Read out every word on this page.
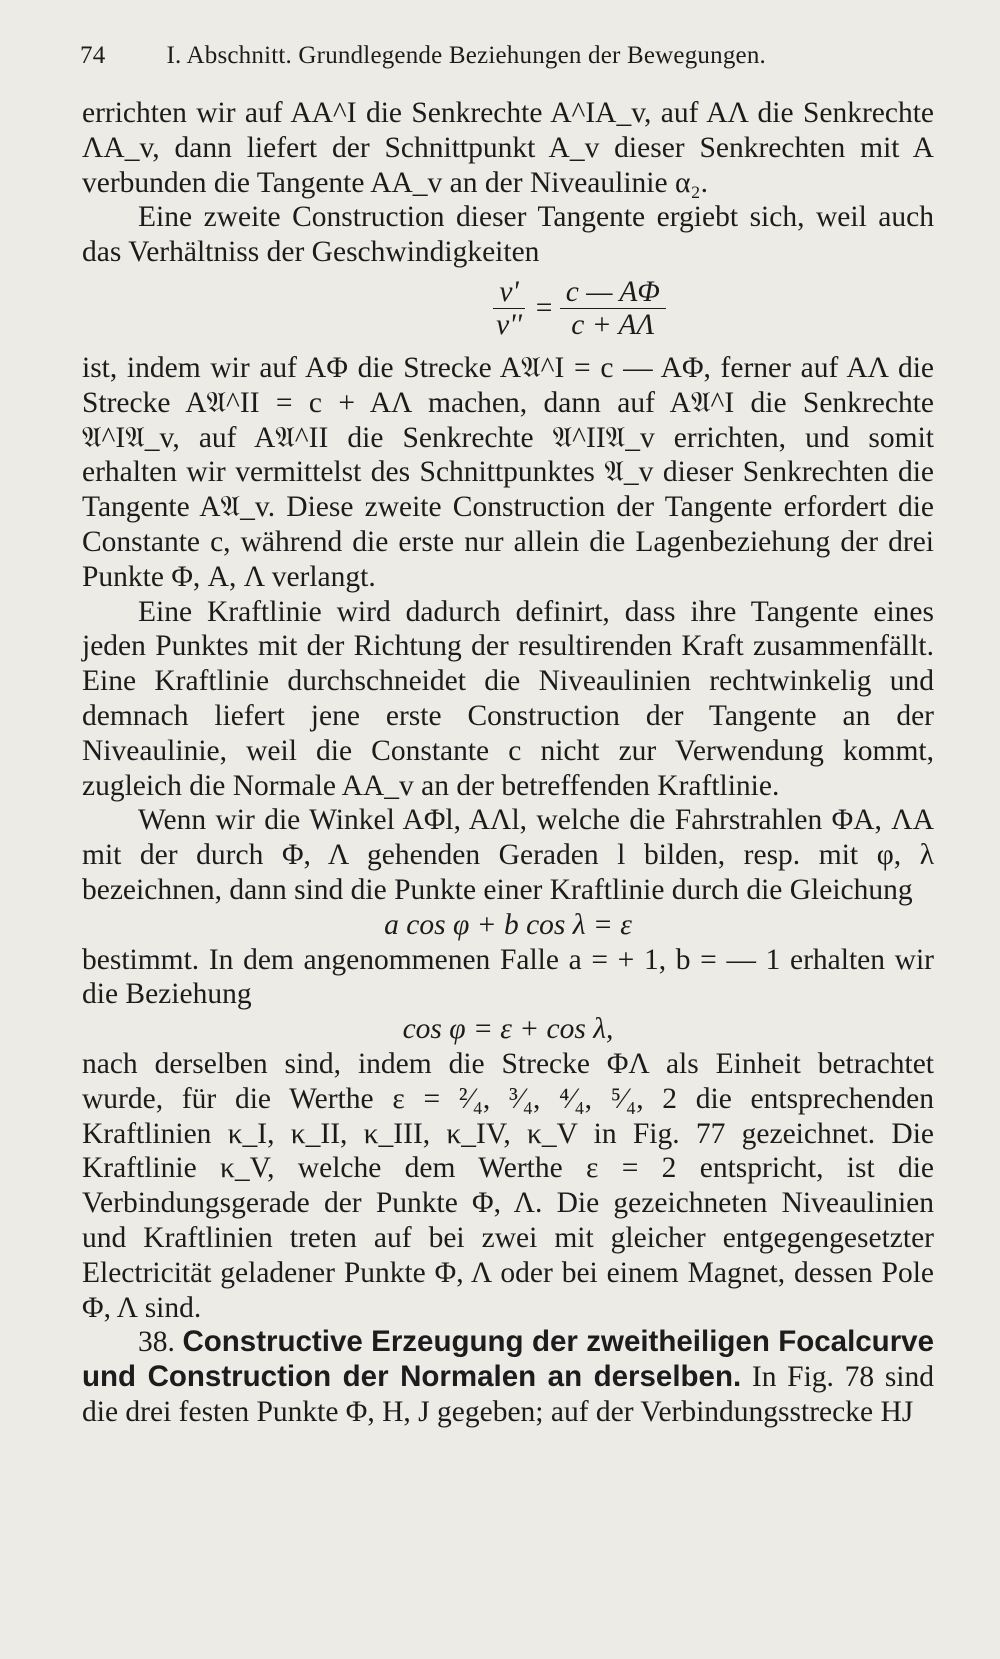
74 I. Abschnitt. Grundlegende Beziehungen der Bewegungen.

errichten wir auf AA^I die Senkrechte A^IA_v, auf AΛ die Senkrechte ΛA_v, dann liefert der Schnittpunkt A_v dieser Senkrechten mit A verbunden die Tangente AA_v an der Niveaulinie α₂.

Eine zweite Construction dieser Tangente ergiebt sich, weil auch das Verhältniss der Geschwindigkeiten

$\frac{v'}{v''} = \frac{c — A\Phi}{c + A\Lambda}$

ist, indem wir auf AΦ die Strecke A𝔄^I = c — AΦ, ferner auf AΛ die Strecke A𝔄^II = c + AΛ machen, dann auf A𝔄^I die Senkrechte 𝔄^I𝔄_v, auf A𝔄^II die Senkrechte 𝔄^II𝔄_v errichten, und somit erhalten wir vermittelst des Schnittpunktes 𝔄_v dieser Senkrechten die Tangente A𝔄_v. Diese zweite Construction der Tangente erfordert die Constante c, während die erste nur allein die Lagenbeziehung der drei Punkte Φ, A, Λ verlangt.

Eine Kraftlinie wird dadurch definirt, dass ihre Tangente eines jeden Punktes mit der Richtung der resultirenden Kraft zusammenfällt. Eine Kraftlinie durchschneidet die Niveaulinien rechtwinkelig und demnach liefert jene erste Construction der Tangente an der Niveaulinie, weil die Constante c nicht zur Verwendung kommt, zugleich die Normale AA_v an der betreffenden Kraftlinie.

Wenn wir die Winkel AΦl, AΛl, welche die Fahrstrahlen ΦA, ΛA mit der durch Φ, Λ gehenden Geraden l bilden, resp. mit φ, λ bezeichnen, dann sind die Punkte einer Kraftlinie durch die Gleichung

a cos φ + b cos λ = ε

bestimmt. In dem angenommenen Falle a = + 1, b = — 1 erhalten wir die Beziehung

cos φ = ε + cos λ,

nach derselben sind, indem die Strecke ΦΛ als Einheit betrachtet wurde, für die Werthe ε = ²⁄₄, ³⁄₄, ⁴⁄₄, ⁵⁄₄, 2 die entsprechenden Kraftlinien κ_I, κ_II, κ_III, κ_IV, κ_V in Fig. 77 gezeichnet. Die Kraftlinie κ_V, welche dem Werthe ε = 2 entspricht, ist die Verbindungsgerade der Punkte Φ, Λ. Die gezeichneten Niveaulinien und Kraftlinien treten auf bei zwei mit gleicher entgegengesetzter Electricität geladener Punkte Φ, Λ oder bei einem Magnet, dessen Pole Φ, Λ sind.

38. Constructive Erzeugung der zweitheiligen Focalcurve und Construction der Normalen an derselben. In Fig. 78 sind die drei festen Punkte Φ, H, J gegeben; auf der Verbindungsstrecke HJ
